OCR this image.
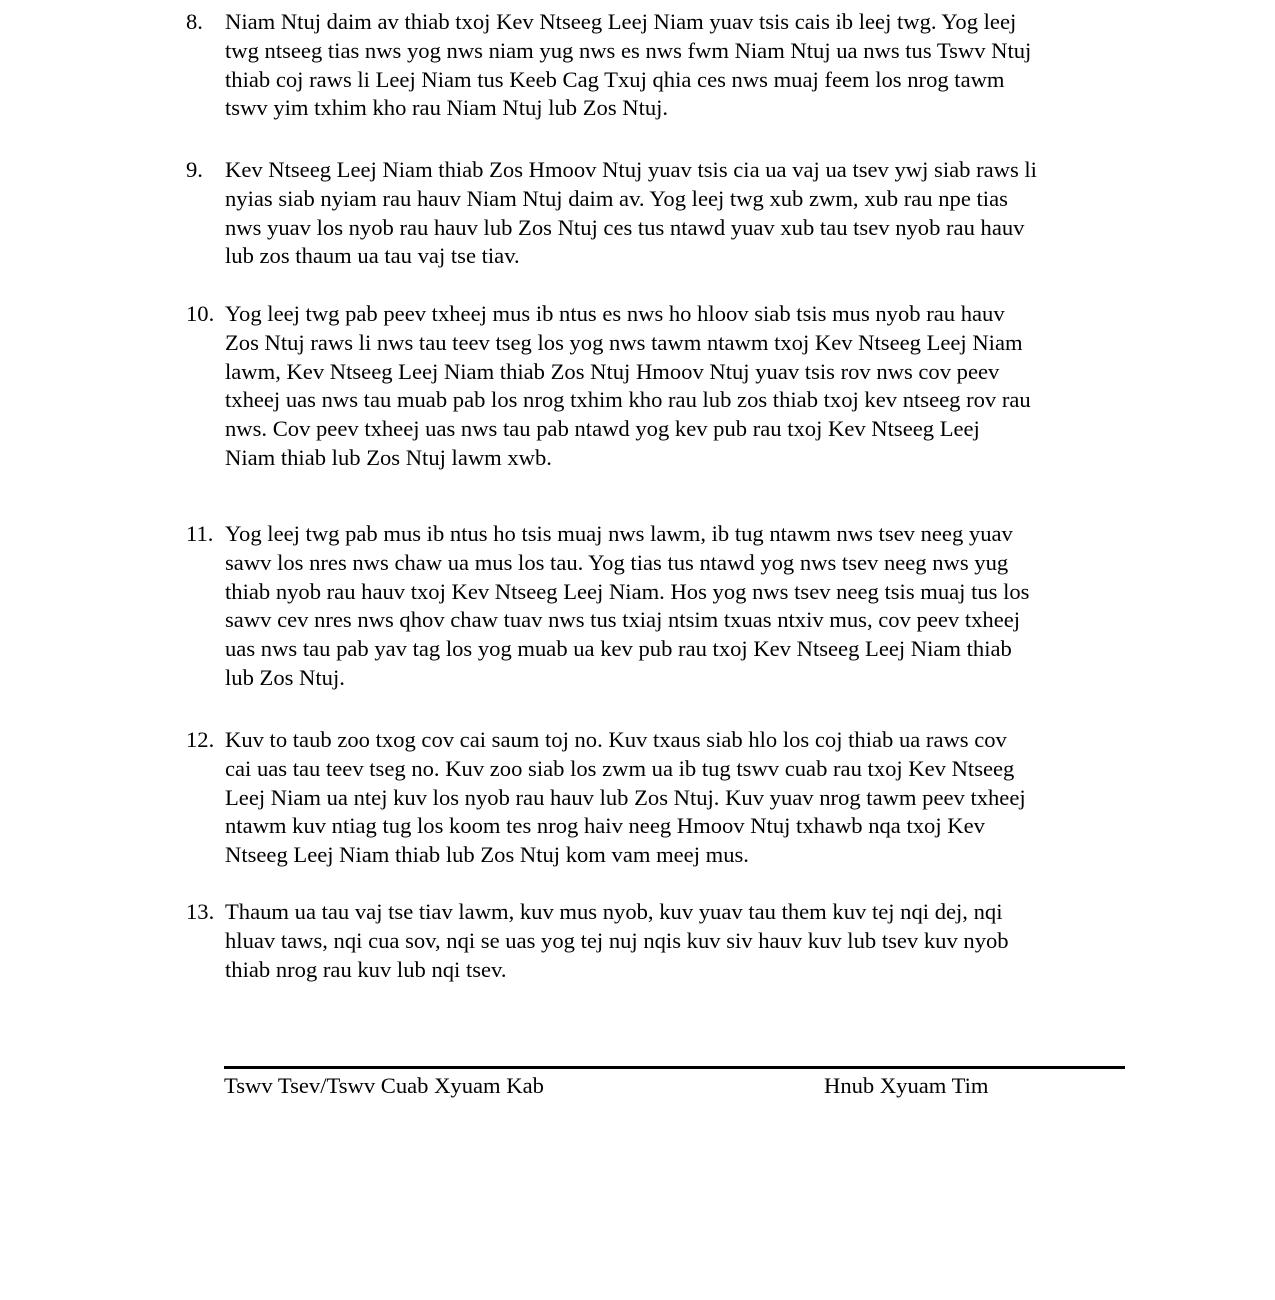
8. Niam Ntuj daim av thiab txoj Kev Ntseeg Leej Niam yuav tsis cais ib leej twg. Yog leej
twg ntseeg tias nws yog nws niam yug nws es nws fwm Niam Ntuj ua nws tus Tswv Ntuj
thiab coj raws li Leej Niam tus Keeb Cag Txuj qhia ces nws muaj feem los nrog tawm
tswv yim txhim kho rau Niam Ntuj lub Zos Ntuj.
9. Kev Ntseeg Leej Niam thiab Zos Hmoov Ntuj yuav tsis cia ua vaj ua tsev ywj siab raws li
nyias siab nyiam rau hauv Niam Ntuj daim av. Yog leej twg xub zwm, xub rau npe tias
nws yuav los nyob rau hauv lub Zos Ntuj ces tus ntawd yuav xub tau tsev nyob rau hauv
lub zos thaum ua tau vaj tse tiav.
10. Yog leej twg pab peev txheej mus ib ntus es nws ho hloov siab tsis mus nyob rau hauv
Zos Ntuj raws li nws tau teev tseg los yog nws tawm ntawm txoj Kev Ntseeg Leej Niam
lawm, Kev Ntseeg Leej Niam thiab Zos Ntuj Hmoov Ntuj yuav tsis rov nws cov peev
txheej uas nws tau muab pab los nrog txhim kho rau lub zos thiab txoj kev ntseeg rov rau
nws. Cov peev txheej uas nws tau pab ntawd yog kev pub rau txoj Kev Ntseeg Leej
Niam thiab lub Zos Ntuj lawm xwb.
11. Yog leej twg pab mus ib ntus ho tsis muaj nws lawm, ib tug ntawm nws tsev neeg yuav
sawv los nres nws chaw ua mus los tau. Yog tias tus ntawd yog nws tsev neeg nws yug
thiab nyob rau hauv txoj Kev Ntseeg Leej Niam. Hos yog nws tsev neeg tsis muaj tus los
sawv cev nres nws qhov chaw tuav nws tus txiaj ntsim txuas ntxiv mus, cov peev txheej
uas nws tau pab yav tag los yog muab ua kev pub rau txoj Kev Ntseeg Leej Niam thiab
lub Zos Ntuj.
12. Kuv to taub zoo txog cov cai saum toj no. Kuv txaus siab hlo los coj thiab ua raws cov
cai uas tau teev tseg no. Kuv zoo siab los zwm ua ib tug tswv cuab rau txoj Kev Ntseeg
Leej Niam ua ntej kuv los nyob rau hauv lub Zos Ntuj. Kuv yuav nrog tawm peev txheej
ntawm kuv ntiag tug los koom tes nrog haiv neeg Hmoov Ntuj txhawb nqa txoj Kev
Ntseeg Leej Niam thiab lub Zos Ntuj kom vam meej mus.
13. Thaum ua tau vaj tse tiav lawm, kuv mus nyob, kuv yuav tau them kuv tej nqi dej, nqi
hluav taws, nqi cua sov, nqi se uas yog tej nuj nqis kuv siv hauv kuv lub tsev kuv nyob
thiab nrog rau kuv lub nqi tsev.
Tswv Tsev/Tswv Cuab Xyuam Kab	Hnub Xyuam Tim
